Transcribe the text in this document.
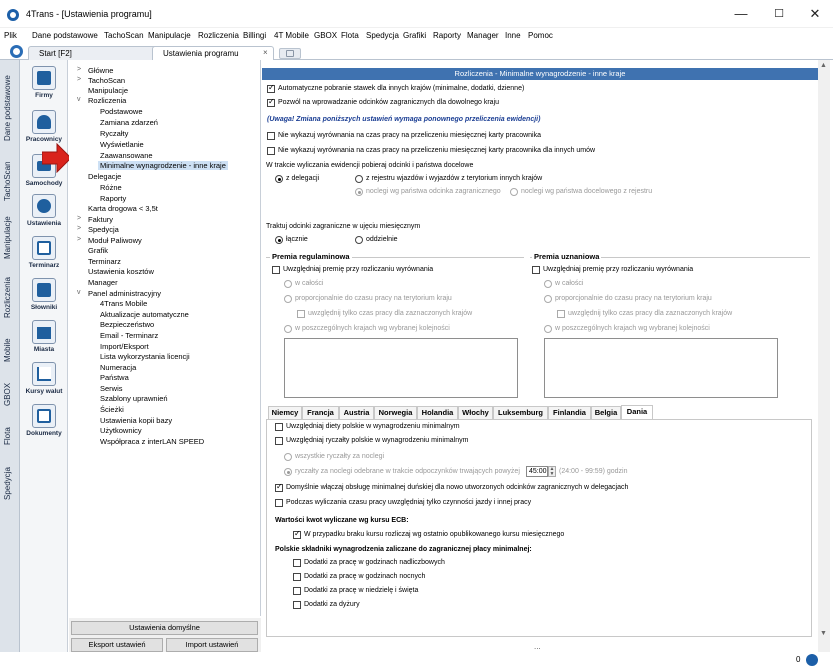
4Trans - [Ustawienia programu]	—	☐	✕
Plik Dane podstawowe TachoScan Manipulacje Rozliczenia Billingi 4T Mobile GBOX Flota Spedycja Grafiki Raporty Manager Inne Pomoc
Start [F2]	Ustawienia programu	×
Dane podstawowe
TachoScan
Manipulacje
Rozliczenia
Mobile
GBOX
Flota
Spedycja
Firmy
Pracownicy
Samochody
Ustawienia
Terminarz
Słowniki
Miasta
Kursy walut
Dokumenty
> Główne
> TachoScan
Manipulacje
v Rozliczenia
Podstawowe
Zamiana zdarzeń
Ryczałty
Wyświetlanie
Zaawansowane
Minimalne wynagrodzenie - inne kraje
Delegacje
Różne
Raporty
Karta drogowa < 3,5t
> Faktury
> Spedycja
> Moduł Paliwowy
Grafik
Terminarz
Ustawienia kosztów
Manager
v Panel administracyjny
4Trans Mobile
Aktualizacje automatyczne
Bezpieczeństwo
Email - Terminarz
Import/Eksport
Lista wykorzystania licencji
Numeracja
Państwa
Serwis
Szablony uprawnień
Ścieżki
Ustawienia kopii bazy
Użytkownicy
Współpraca z interLAN SPEED
Ustawienia domyślne
Eksport ustawień	Import ustawień
Rozliczenia - Minimalne wynagrodzenie - inne kraje
✓
Automatyczne pobranie stawek dla innych krajów (minimalne, dodatki, dzienne)
✓
Pozwól na wprowadzanie odcinków zagranicznych dla dowolnego kraju
(Uwaga! Zmiana poniższych ustawień wymaga ponownego przeliczenia ewidencji)
Nie wykazuj wyrównania na czas pracy na przeliczeniu miesięcznej karty pracownika
Nie wykazuj wyrównania na czas pracy na przeliczeniu miesięcznej karty pracownika dla innych umów
W trakcie wyliczania ewidencji pobieraj odcinki i państwa docelowe
z delegacji	z rejestru wjazdów i wyjazdów z terytorium innych krajów
noclegi wg państwa odcinka zagranicznego	noclegi wg państwa docelowego z rejestru
Traktuj odcinki zagraniczne w ujęciu miesięcznym
łącznie	oddzielnie
Premia regulaminowa
Uwzględniaj premię przy rozliczaniu wyrównania
w całości
proporcjonalnie do czasu pracy na terytorium kraju
uwzględnij tylko czas pracy dla zaznaczonych krajów
w poszczególnych krajach wg wybranej kolejności
Premia uznaniowa
Uwzględniaj premię przy rozliczaniu wyrównania
w całości
proporcjonalnie do czasu pracy na terytorium kraju
uwzględnij tylko czas pracy dla zaznaczonych krajów
w poszczególnych krajach wg wybranej kolejności
Niemcy	Francja	Austria	Norwegia	Holandia	Włochy	Luksemburg	Finlandia	Belgia	Dania
Uwzględniaj diety polskie w wynagrodzeniu minimalnym
Uwzględniaj ryczałty polskie w wynagrodzeniu minimalnym
wszystkie ryczałty za noclegi
ryczałty za noclegi odebrane w trakcie odpoczynków trwających powyżej	45:00 ▲
▼ (24:00 - 99:59) godzin
✓
Domyślnie włączaj obsługę minimalnej duńskiej dla nowo utworzonych odcinków zagranicznych w delegacjach
Podczas wyliczania czasu pracy uwzględniaj tylko czynności jazdy i innej pracy
Wartości kwot wyliczane wg kursu ECB:
✓
W przypadku braku kursu rozliczaj wg ostatnio opublikowanego kursu miesięcznego
Polskie składniki wynagrodzenia zaliczane do zagranicznej płacy minimalnej:
Dodatki za pracę w godzinach nadliczbowych
Dodatki za pracę w godzinach nocnych
Dodatki za pracę w niedzielę i święta
Dodatki za dyżury
...
▲
▼
0
